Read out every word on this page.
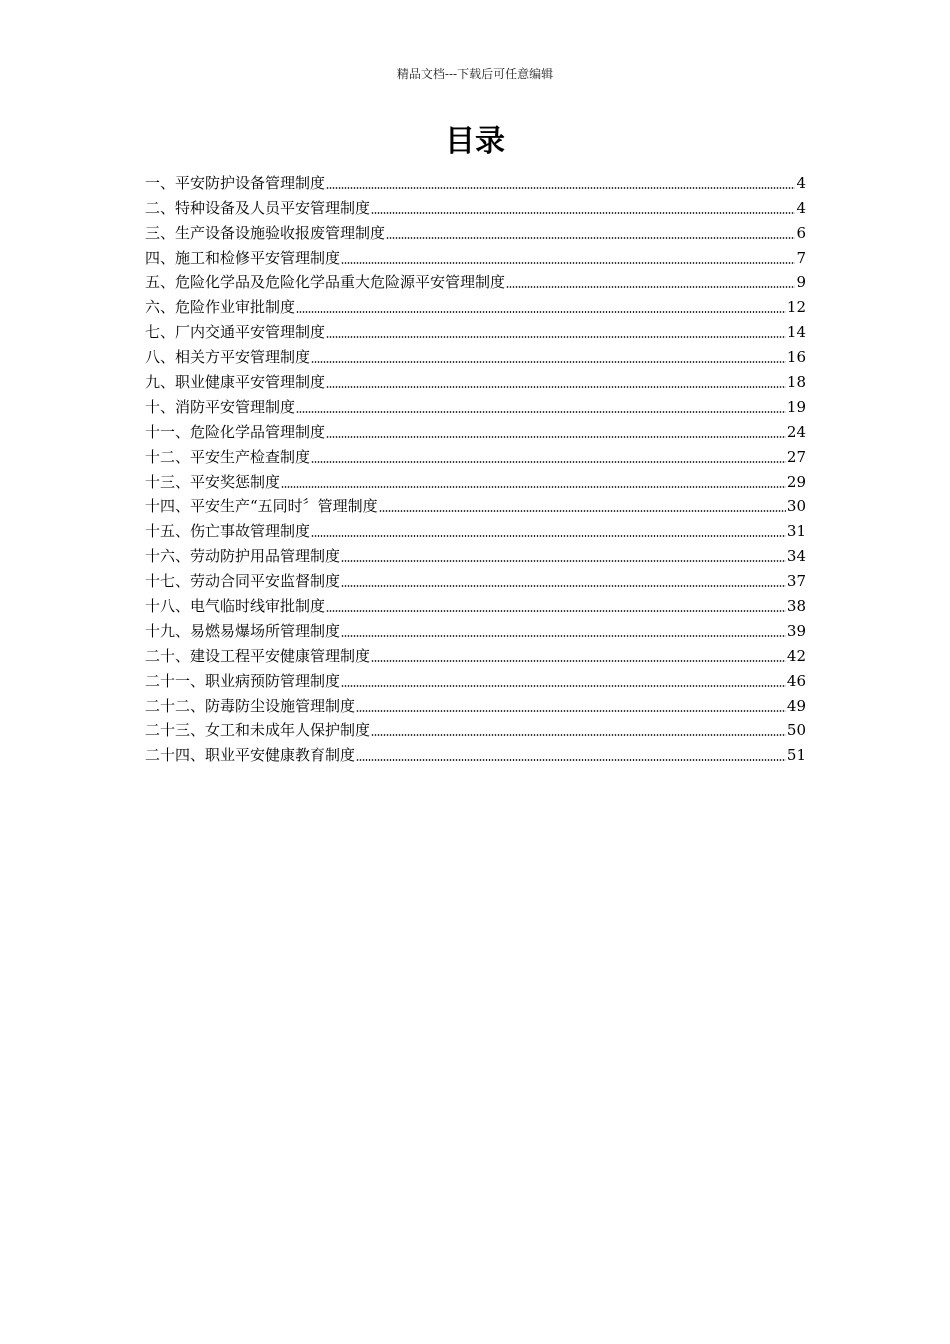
精品文档---下载后可任意编辑
目录
一、平安防护设备管理制度	4
二、特种设备及人员平安管理制度	4
三、生产设备设施验收报废管理制度	6
四、施工和检修平安管理制度	7
五、危险化学品及危险化学品重大危险源平安管理制度	9
六、危险作业审批制度	12
七、厂内交通平安管理制度	14
八、相关方平安管理制度	16
九、职业健康平安管理制度	18
十、消防平安管理制度	19
十一、危险化学品管理制度	24
十二、平安生产检查制度	27
十三、平安奖惩制度	29
十四、平安生产“五同时〞管理制度	30
十五、伤亡事故管理制度	31
十六、劳动防护用品管理制度	34
十七、劳动合同平安监督制度	37
十八、电气临时线审批制度	38
十九、易燃易爆场所管理制度	39
二十、建设工程平安健康管理制度	42
二十一、职业病预防管理制度	46
二十二、防毒防尘设施管理制度	49
二十三、女工和未成年人保护制度	50
二十四、职业平安健康教育制度	51
